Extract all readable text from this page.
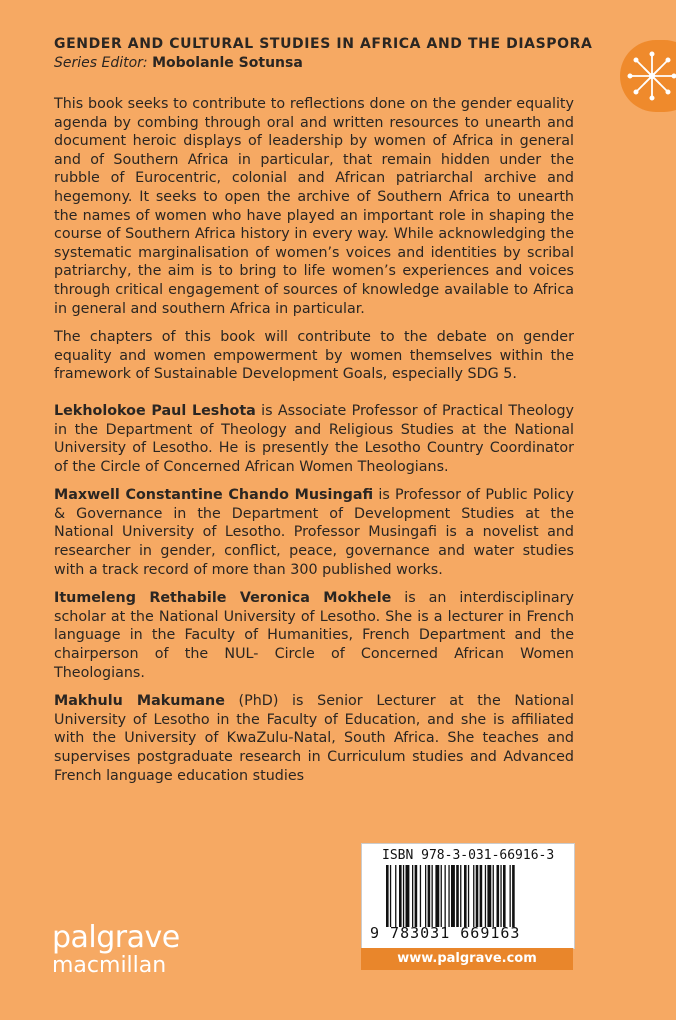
GENDER AND CULTURAL STUDIES IN AFRICA AND THE DIASPORA
Series Editor: Mobolanle Sotunsa

This book seeks to contribute to reflections done on the gender equality agenda by combing through oral and written resources to unearth and document heroic displays of leadership by women of Africa in general and of Southern Africa in particular, that remain hidden under the rubble of Eurocentric, colonial and African patriarchal archive and hegemony. It seeks to open the archive of Southern Africa to unearth the names of women who have played an important role in shaping the course of Southern Africa history in every way. While acknowledging the systematic marginalisation of women’s voices and identities by scribal patriarchy, the aim is to bring to life women’s experiences and voices through critical engagement of sources of knowledge available to Africa in general and southern Africa in particular.

The chapters of this book will contribute to the debate on gender equality and women empowerment by women themselves within the framework of Sustainable Development Goals, especially SDG 5.

Lekholokoe Paul Leshota is Associate Professor of Practical Theology in the Department of Theology and Religious Studies at the National University of Lesotho. He is presently the Lesotho Country Coordinator of the Circle of Concerned African Women Theologians.

Maxwell Constantine Chando Musingafi is Professor of Public Policy & Governance in the Department of Development Studies at the National University of Lesotho. Professor Musingafi is a novelist and researcher in gender, conflict, peace, governance and water studies with a track record of more than 300 published works.

Itumeleng Rethabile Veronica Mokhele is an interdisciplinary scholar at the National University of Lesotho. She is a lecturer in French language in the Faculty of Humanities, French Department and the chairperson of the NUL- Circle of Concerned African Women Theologians.

Makhulu Makumane (PhD) is Senior Lecturer at the National University of Lesotho in the Faculty of Education, and she is affiliated with the University of KwaZulu-Natal, South Africa. She teaches and supervises postgraduate research in Curriculum studies and Advanced French language education studies

ISBN 978-3-031-66916-3
9 783031 669163
www.palgrave.com
palgrave
macmillan
